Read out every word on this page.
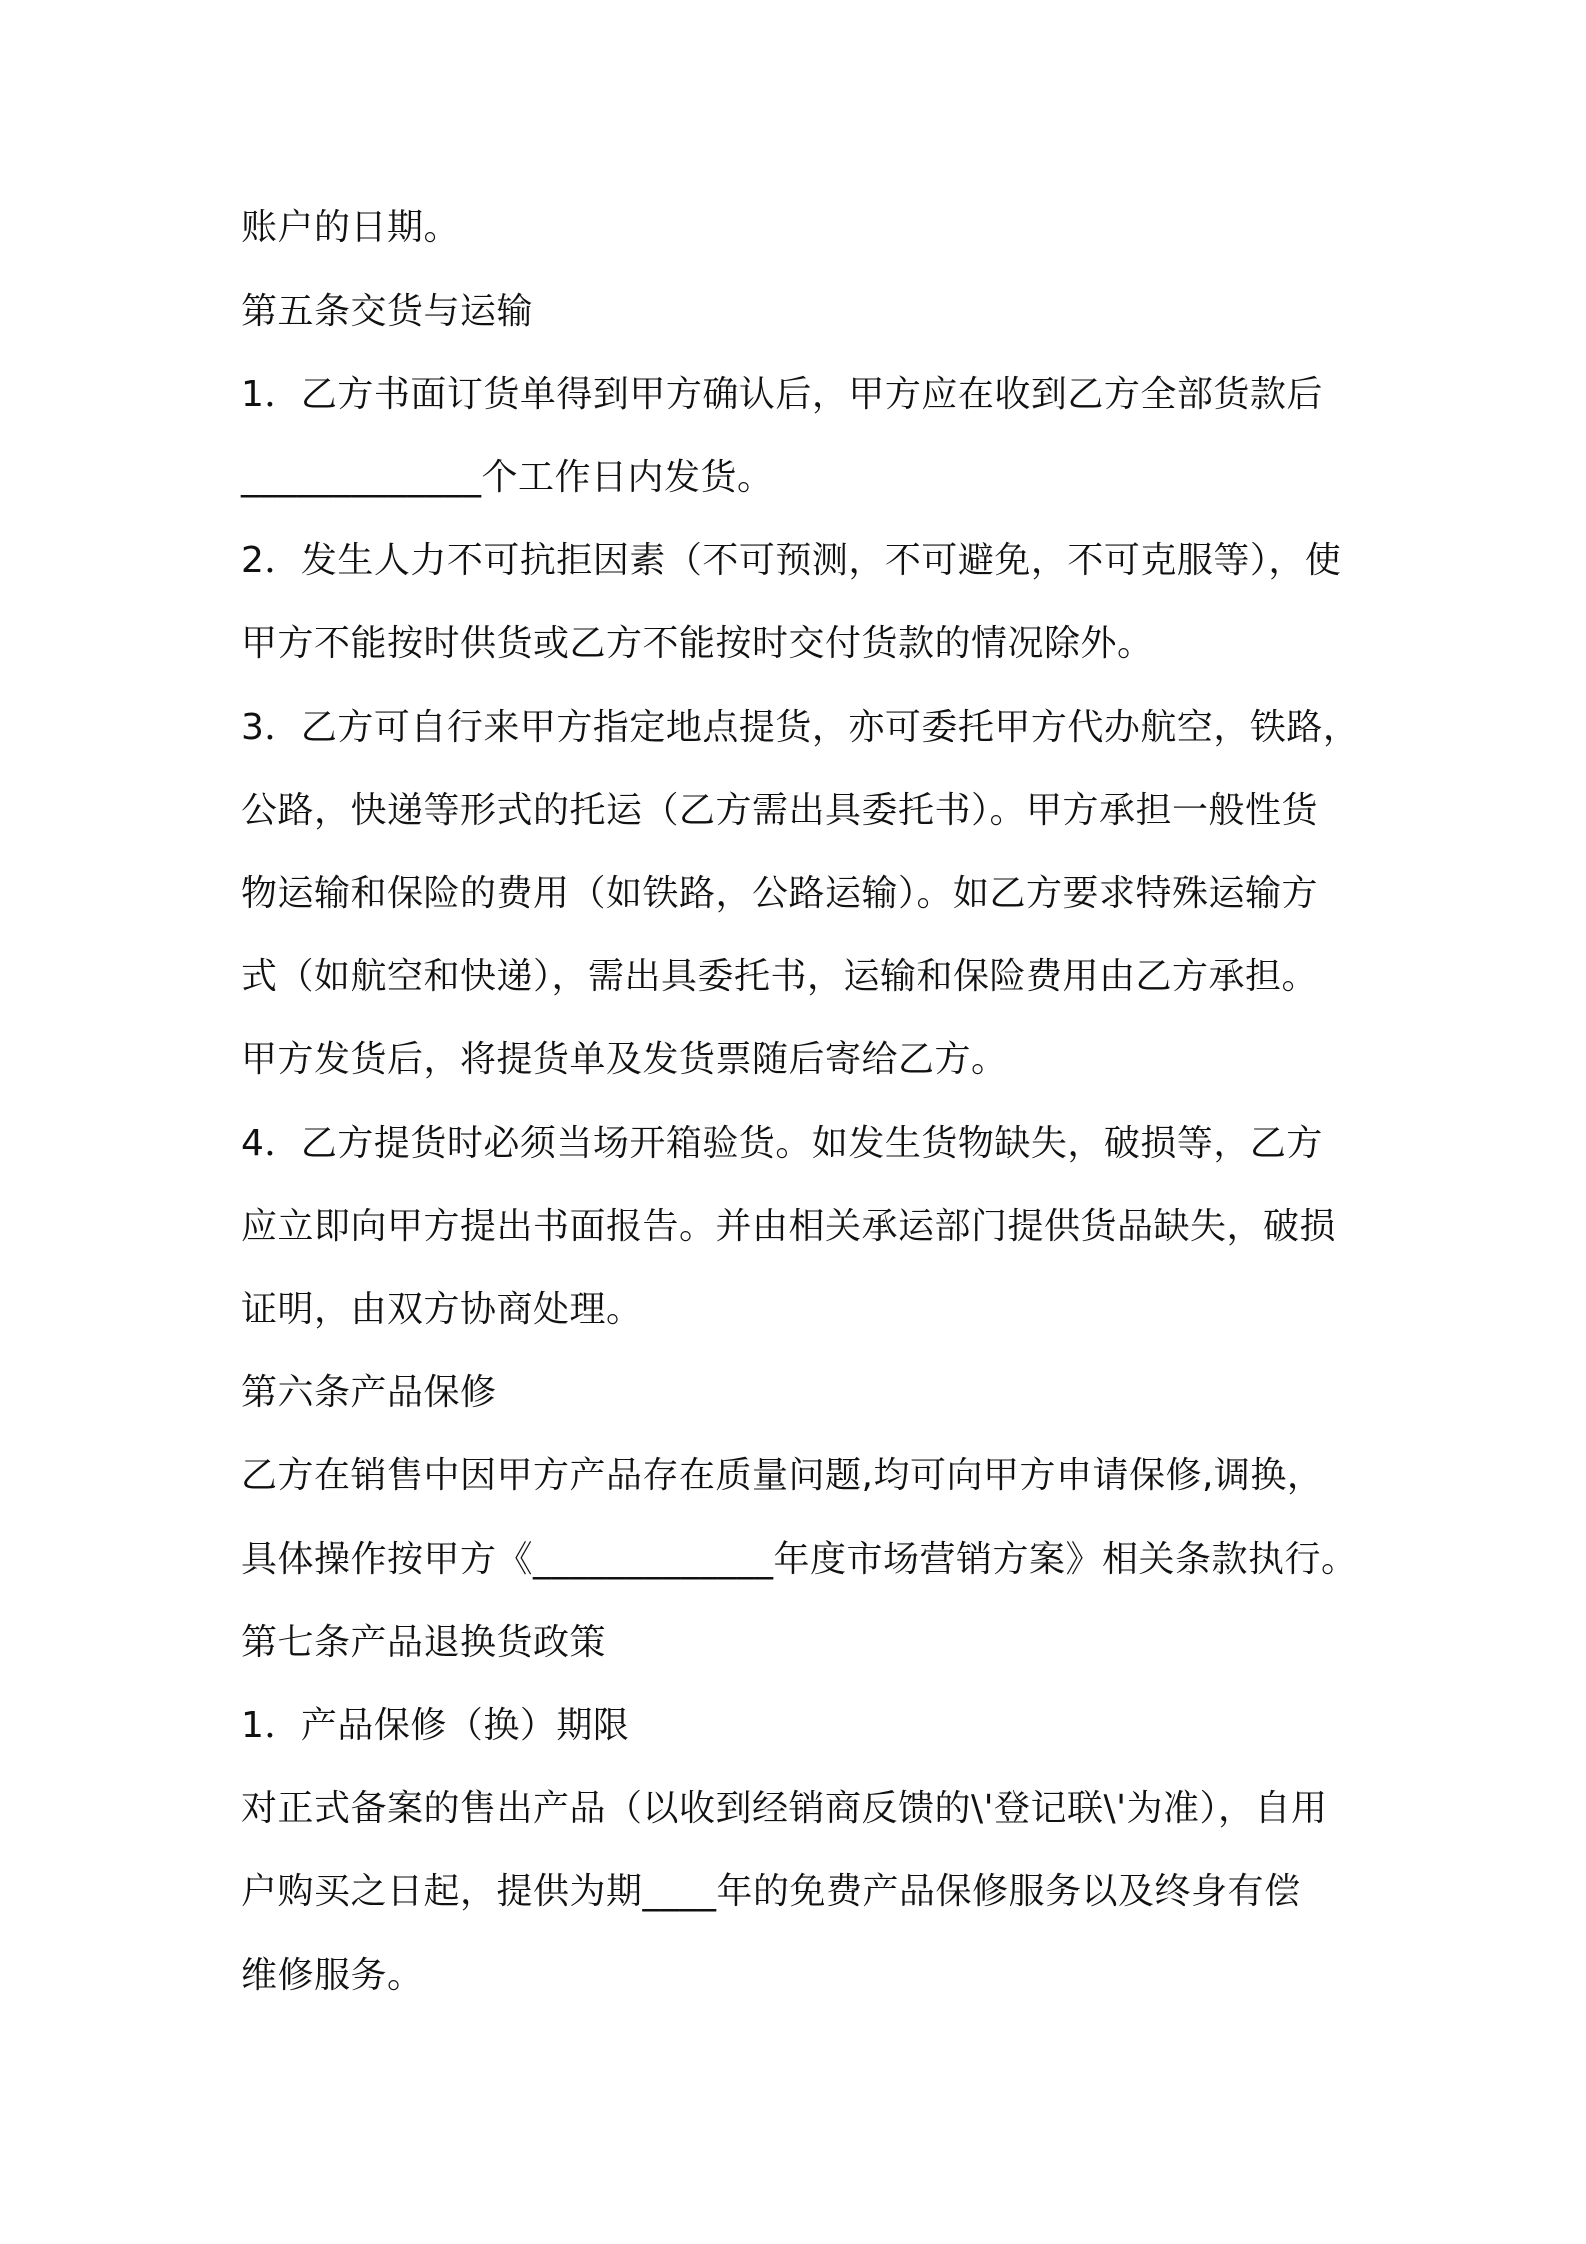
账户的日期。
第五条交货与运输
1．乙方书面订货单得到甲方确认后，甲方应在收到乙方全部货款后
_____________个工作日内发货。
2．发生人力不可抗拒因素（不可预测，不可避免，不可克服等），使
甲方不能按时供货或乙方不能按时交付货款的情况除外。
3．乙方可自行来甲方指定地点提货，亦可委托甲方代办航空，铁路，
公路，快递等形式的托运（乙方需出具委托书）。甲方承担一般性货
物运输和保险的费用（如铁路，公路运输）。如乙方要求特殊运输方
式（如航空和快递），需出具委托书，运输和保险费用由乙方承担。
甲方发货后，将提货单及发货票随后寄给乙方。
4．乙方提货时必须当场开箱验货。如发生货物缺失，破损等，乙方
应立即向甲方提出书面报告。并由相关承运部门提供货品缺失，破损
证明，由双方协商处理。
第六条产品保修
乙方在销售中因甲方产品存在质量问题,均可向甲方申请保修,调换，
具体操作按甲方《_____________年度市场营销方案》相关条款执行。
第七条产品退换货政策
1．产品保修（换）期限
对正式备案的售出产品（以收到经销商反馈的\'登记联\'为准），自用
户购买之日起，提供为期____年的免费产品保修服务以及终身有偿
维修服务。
